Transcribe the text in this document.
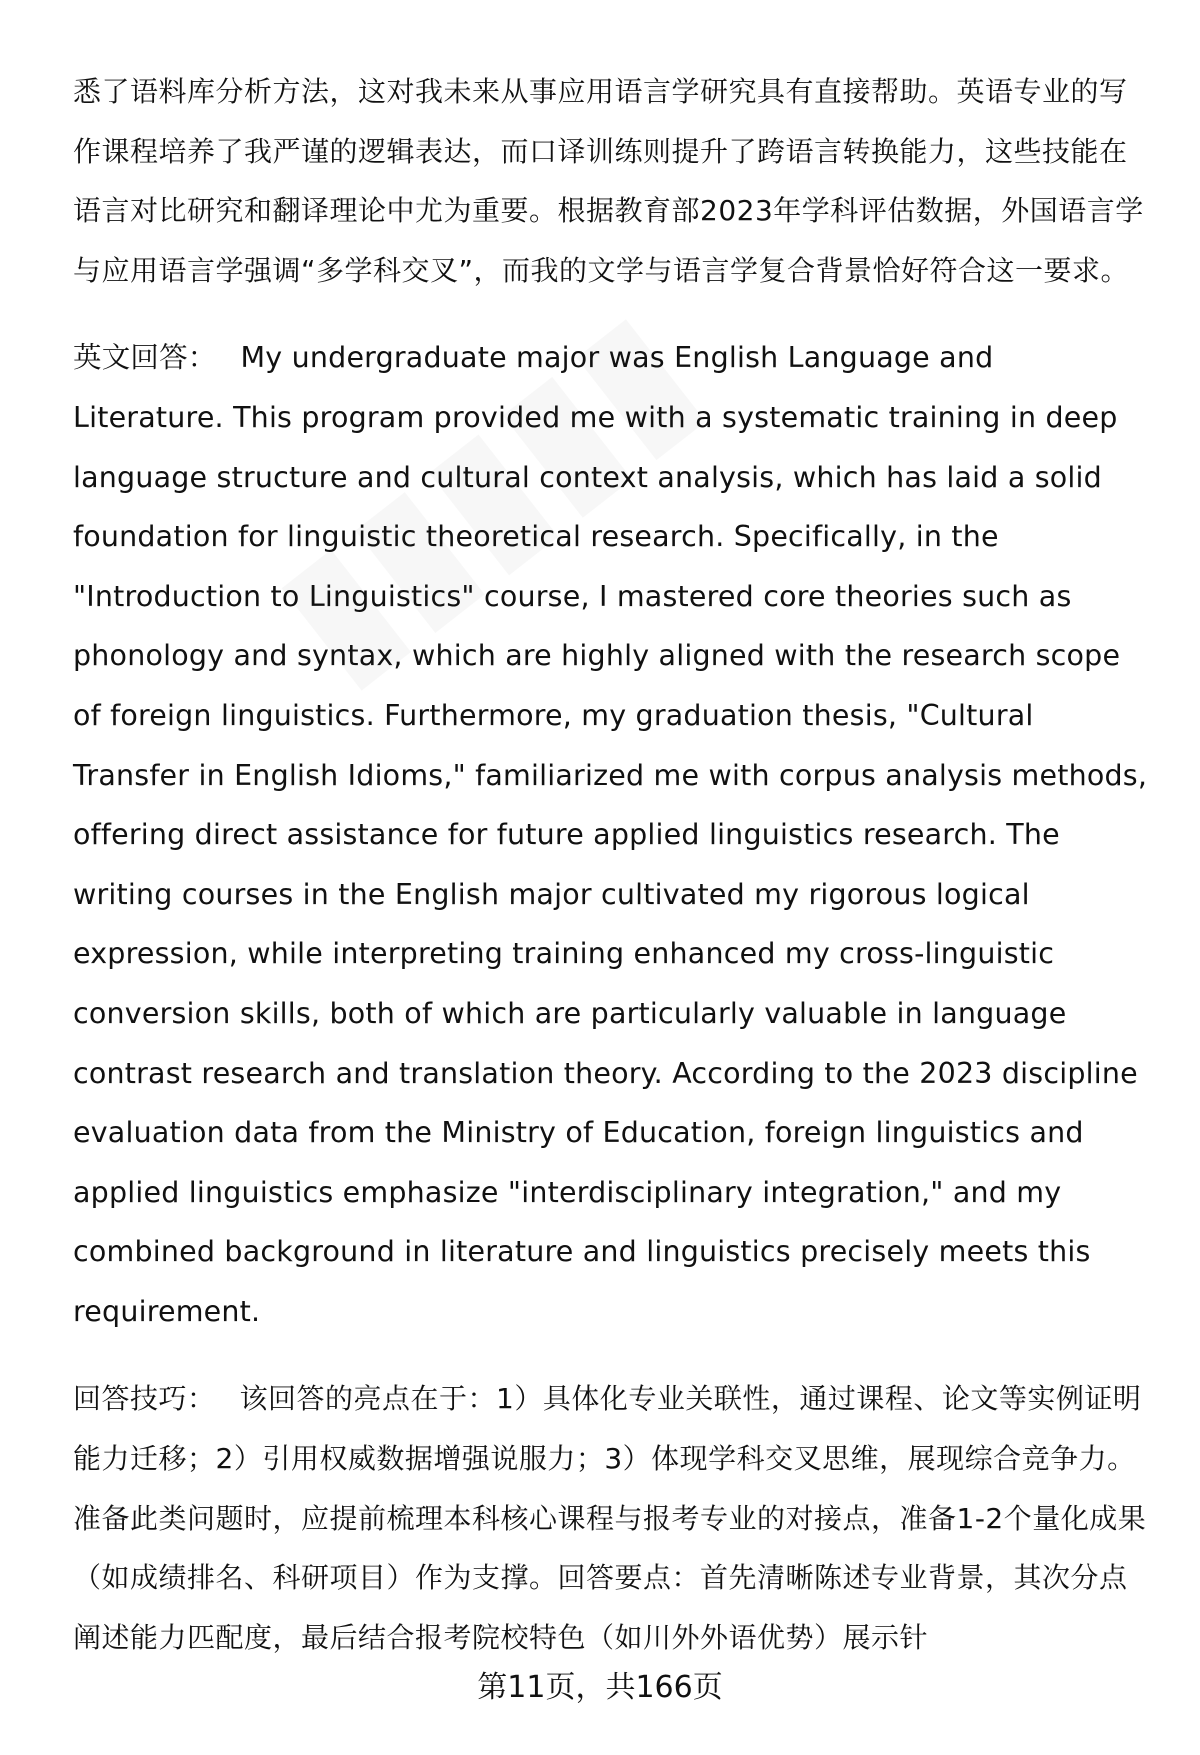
悉了语料库分析方法，这对我未来从事应用语言学研究具有直接帮助。英语专业的写作课程培养了我严谨的逻辑表达，而口译训练则提升了跨语言转换能力，这些技能在语言对比研究和翻译理论中尤为重要。根据教育部2023年学科评估数据，外国语言学与应用语言学强调“多学科交叉”，而我的文学与语言学复合背景恰好符合这一要求。

英文回答： My undergraduate major was English Language and Literature. This program provided me with a systematic training in deep language structure and cultural context analysis, which has laid a solid foundation for linguistic theoretical research. Specifically, in the "Introduction to Linguistics" course, I mastered core theories such as phonology and syntax, which are highly aligned with the research scope of foreign linguistics. Furthermore, my graduation thesis, "Cultural Transfer in English Idioms," familiarized me with corpus analysis methods, offering direct assistance for future applied linguistics research. The writing courses in the English major cultivated my rigorous logical expression, while interpreting training enhanced my cross-linguistic conversion skills, both of which are particularly valuable in language contrast research and translation theory. According to the 2023 discipline evaluation data from the Ministry of Education, foreign linguistics and applied linguistics emphasize "interdisciplinary integration," and my combined background in literature and linguistics precisely meets this requirement.

回答技巧： 该回答的亮点在于：1）具体化专业关联性，通过课程、论文等实例证明能力迁移；2）引用权威数据增强说服力；3）体现学科交叉思维，展现综合竞争力。准备此类问题时，应提前梳理本科核心课程与报考专业的对接点，准备1-2个量化成果（如成绩排名、科研项目）作为支撑。回答要点：首先清晰陈述专业背景，其次分点阐述能力匹配度，最后结合报考院校特色（如川外外语优势）展示针

第11页，共166页
